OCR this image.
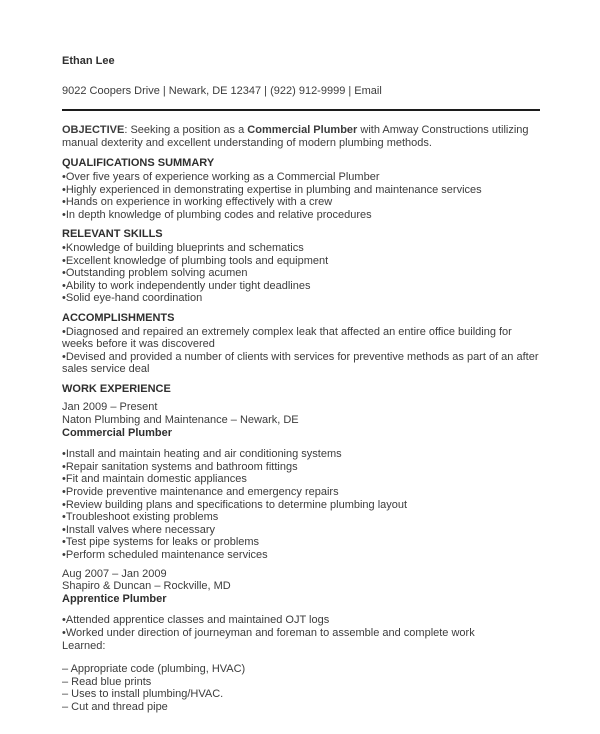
Ethan Lee
9022 Coopers Drive | Newark, DE 12347 | (922) 912-9999 | Email

OBJECTIVE: Seeking a position as a Commercial Plumber with Amway Constructions utilizing manual dexterity and excellent understanding of modern plumbing methods.

QUALIFICATIONS SUMMARY
• Over five years of experience working as a Commercial Plumber
• Highly experienced in demonstrating expertise in plumbing and maintenance services
• Hands on experience in working effectively with a crew
• In depth knowledge of plumbing codes and relative procedures
RELEVANT SKILLS
• Knowledge of building blueprints and schematics
• Excellent knowledge of plumbing tools and equipment
• Outstanding problem solving acumen
• Ability to work independently under tight deadlines
• Solid eye-hand coordination
ACCOMPLISHMENTS
• Diagnosed and repaired an extremely complex leak that affected an entire office building for weeks before it was discovered
• Devised and provided a number of clients with services for preventive methods as part of an after sales service deal
WORK EXPERIENCE
Jan 2009 – Present
Naton Plumbing and Maintenance – Newark, DE
Commercial Plumber
• Install and maintain heating and air conditioning systems
• Repair sanitation systems and bathroom fittings
• Fit and maintain domestic appliances
• Provide preventive maintenance and emergency repairs
• Review building plans and specifications to determine plumbing layout
• Troubleshoot existing problems
• Install valves where necessary
• Test pipe systems for leaks or problems
• Perform scheduled maintenance services
Aug 2007 – Jan 2009
Shapiro & Duncan – Rockville, MD
Apprentice Plumber
• Attended apprentice classes and maintained OJT logs
• Worked under direction of journeyman and foreman to assemble and complete work
Learned:
– Appropriate code (plumbing, HVAC)
– Read blue prints
– Uses to install plumbing/HVAC.
– Cut and thread pipe
